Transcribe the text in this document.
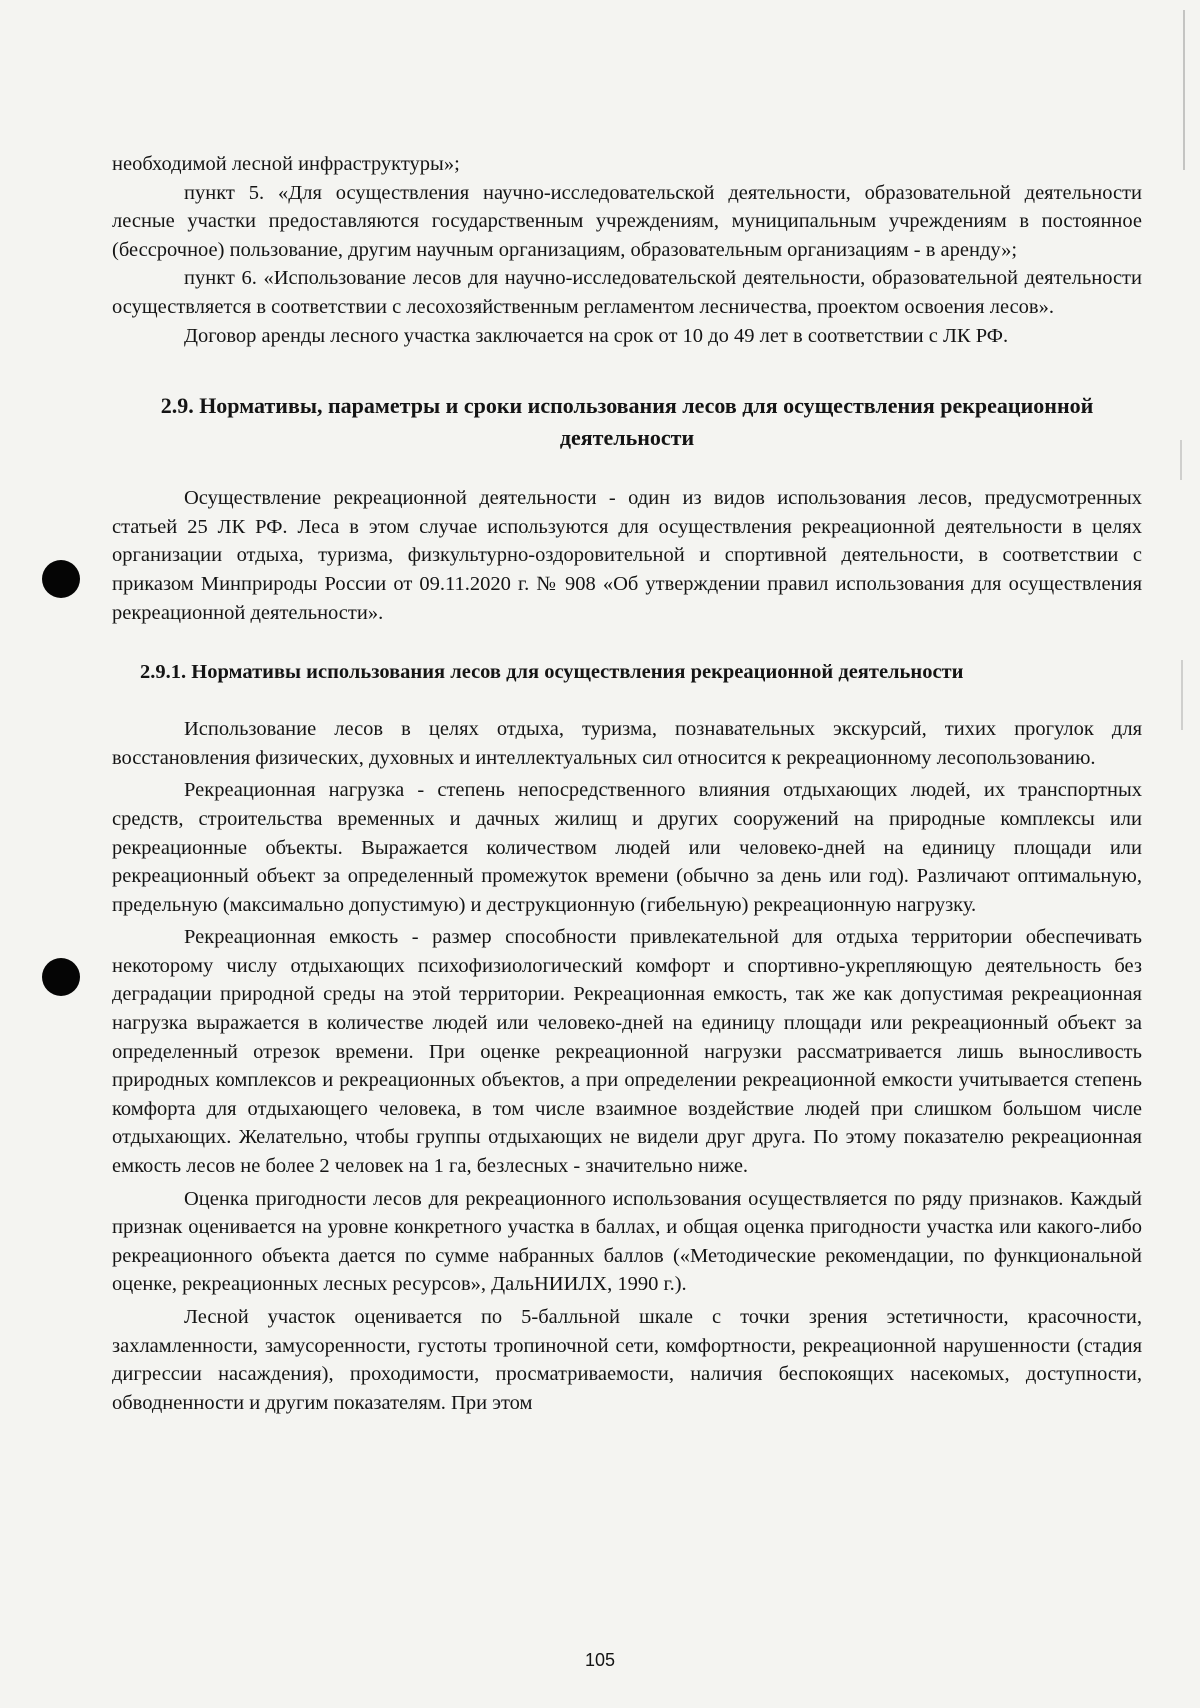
необходимой лесной инфраструктуры»;

пункт 5. «Для осуществления научно-исследовательской деятельности, образовательной деятельности лесные участки предоставляются государственным учреждениям, муниципальным учреждениям в постоянное (бессрочное) пользование, другим научным организациям, образовательным организациям - в аренду»;

пункт 6. «Использование лесов для научно-исследовательской деятельности, образовательной деятельности осуществляется в соответствии с лесохозяйственным регламентом лесничества, проектом освоения лесов».

Договор аренды лесного участка заключается на срок от 10 до 49 лет в соответствии с ЛК РФ.

2.9. Нормативы, параметры и сроки использования лесов для осуществления рекреационной деятельности

Осуществление рекреационной деятельности - один из видов использования лесов, предусмотренных статьей 25 ЛК РФ. Леса в этом случае используются для осуществления рекреационной деятельности в целях организации отдыха, туризма, физкультурно-оздоровительной и спортивной деятельности, в соответствии с приказом Минприроды России от 09.11.2020 г. № 908 «Об утверждении правил использования для осуществления рекреационной деятельности».

2.9.1. Нормативы использования лесов для осуществления рекреационной деятельности

Использование лесов в целях отдыха, туризма, познавательных экскурсий, тихих прогулок для восстановления физических, духовных и интеллектуальных сил относится к рекреационному лесопользованию.

Рекреационная нагрузка - степень непосредственного влияния отдыхающих людей, их транспортных средств, строительства временных и дачных жилищ и других сооружений на природные комплексы или рекреационные объекты. Выражается количеством людей или человеко-дней на единицу площади или рекреационный объект за определенный промежуток времени (обычно за день или год). Различают оптимальную, предельную (максимально допустимую) и деструкционную (гибельную) рекреационную нагрузку.

Рекреационная емкость - размер способности привлекательной для отдыха территории обеспечивать некоторому числу отдыхающих психофизиологический комфорт и спортивно-укрепляющую деятельность без деградации природной среды на этой территории. Рекреационная емкость, так же как допустимая рекреационная нагрузка выражается в количестве людей или человеко-дней на единицу площади или рекреационный объект за определенный отрезок времени. При оценке рекреационной нагрузки рассматривается лишь выносливость природных комплексов и рекреационных объектов, а при определении рекреационной емкости учитывается степень комфорта для отдыхающего человека, в том числе взаимное воздействие людей при слишком большом числе отдыхающих. Желательно, чтобы группы отдыхающих не видели друг друга. По этому показателю рекреационная емкость лесов не более 2 человек на 1 га, безлесных - значительно ниже.

Оценка пригодности лесов для рекреационного использования осуществляется по ряду признаков. Каждый признак оценивается на уровне конкретного участка в баллах, и общая оценка пригодности участка или какого-либо рекреационного объекта дается по сумме набранных баллов («Методические рекомендации, по функциональной оценке, рекреационных лесных ресурсов», ДальНИИЛХ, 1990 г.).

Лесной участок оценивается по 5-балльной шкале с точки зрения эстетичности, красочности, захламленности, замусоренности, густоты тропиночной сети, комфортности, рекреационной нарушенности (стадия дигрессии насаждения), проходимости, просматриваемости, наличия беспокоящих насекомых, доступности, обводненности и другим показателям. При этом

105
